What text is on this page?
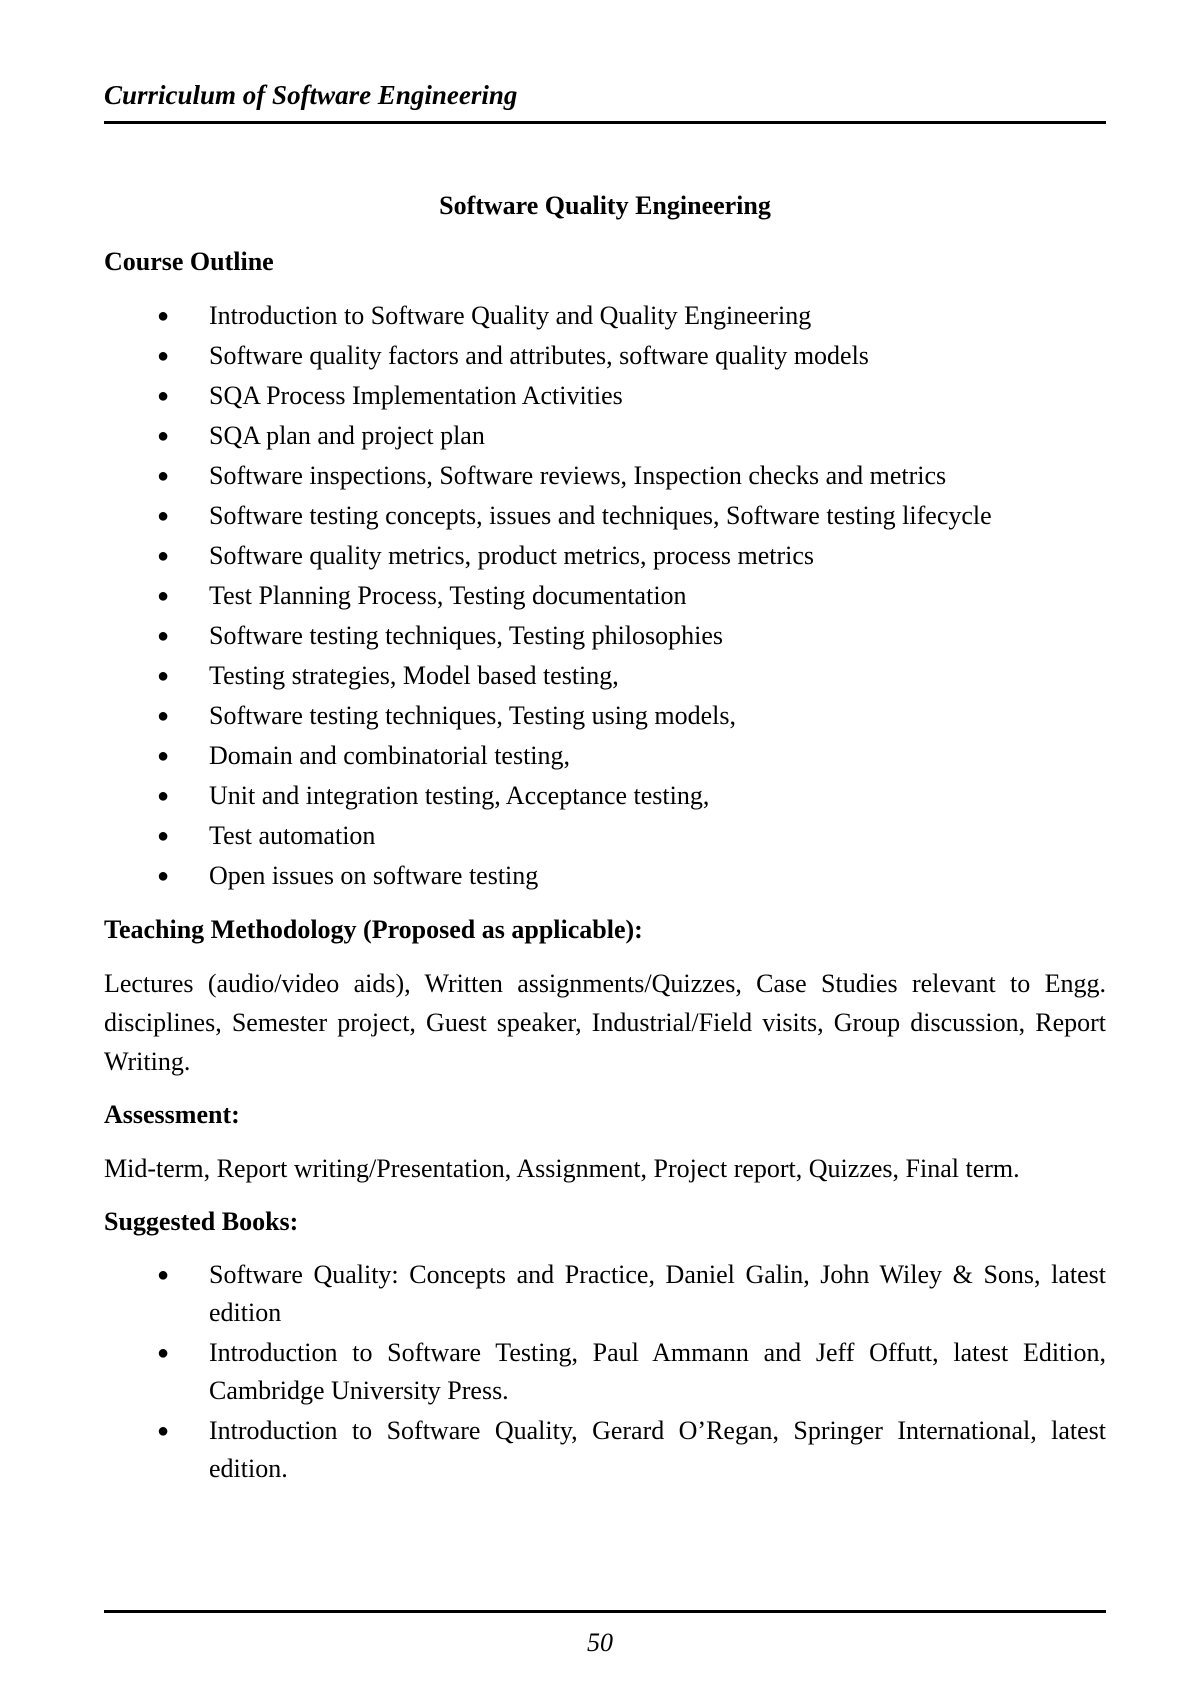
Curriculum of Software Engineering
Software Quality Engineering
Course Outline
● Introduction to Software Quality and Quality Engineering
● Software quality factors and attributes, software quality models
● SQA Process Implementation Activities
● SQA plan and project plan
● Software inspections, Software reviews, Inspection checks and metrics
● Software testing concepts, issues and techniques, Software testing lifecycle
● Software quality metrics, product metrics, process metrics
● Test Planning Process, Testing documentation
● Software testing techniques, Testing philosophies
● Testing strategies, Model based testing,
● Software testing techniques, Testing using models,
● Domain and combinatorial testing,
● Unit and integration testing, Acceptance testing,
● Test automation
● Open issues on software testing
Teaching Methodology (Proposed as applicable):

Lectures (audio/video aids), Written assignments/Quizzes, Case Studies relevant to Engg. disciplines, Semester project, Guest speaker, Industrial/Field visits, Group discussion, Report Writing.

Assessment:

Mid-term, Report writing/Presentation, Assignment, Project report, Quizzes, Final term.

Suggested Books:
● Software Quality: Concepts and Practice, Daniel Galin, John Wiley & Sons, latest edition
● Introduction to Software Testing, Paul Ammann and Jeff Offutt, latest Edition, Cambridge University Press.
● Introduction to Software Quality, Gerard O’Regan, Springer International, latest edition.
50
